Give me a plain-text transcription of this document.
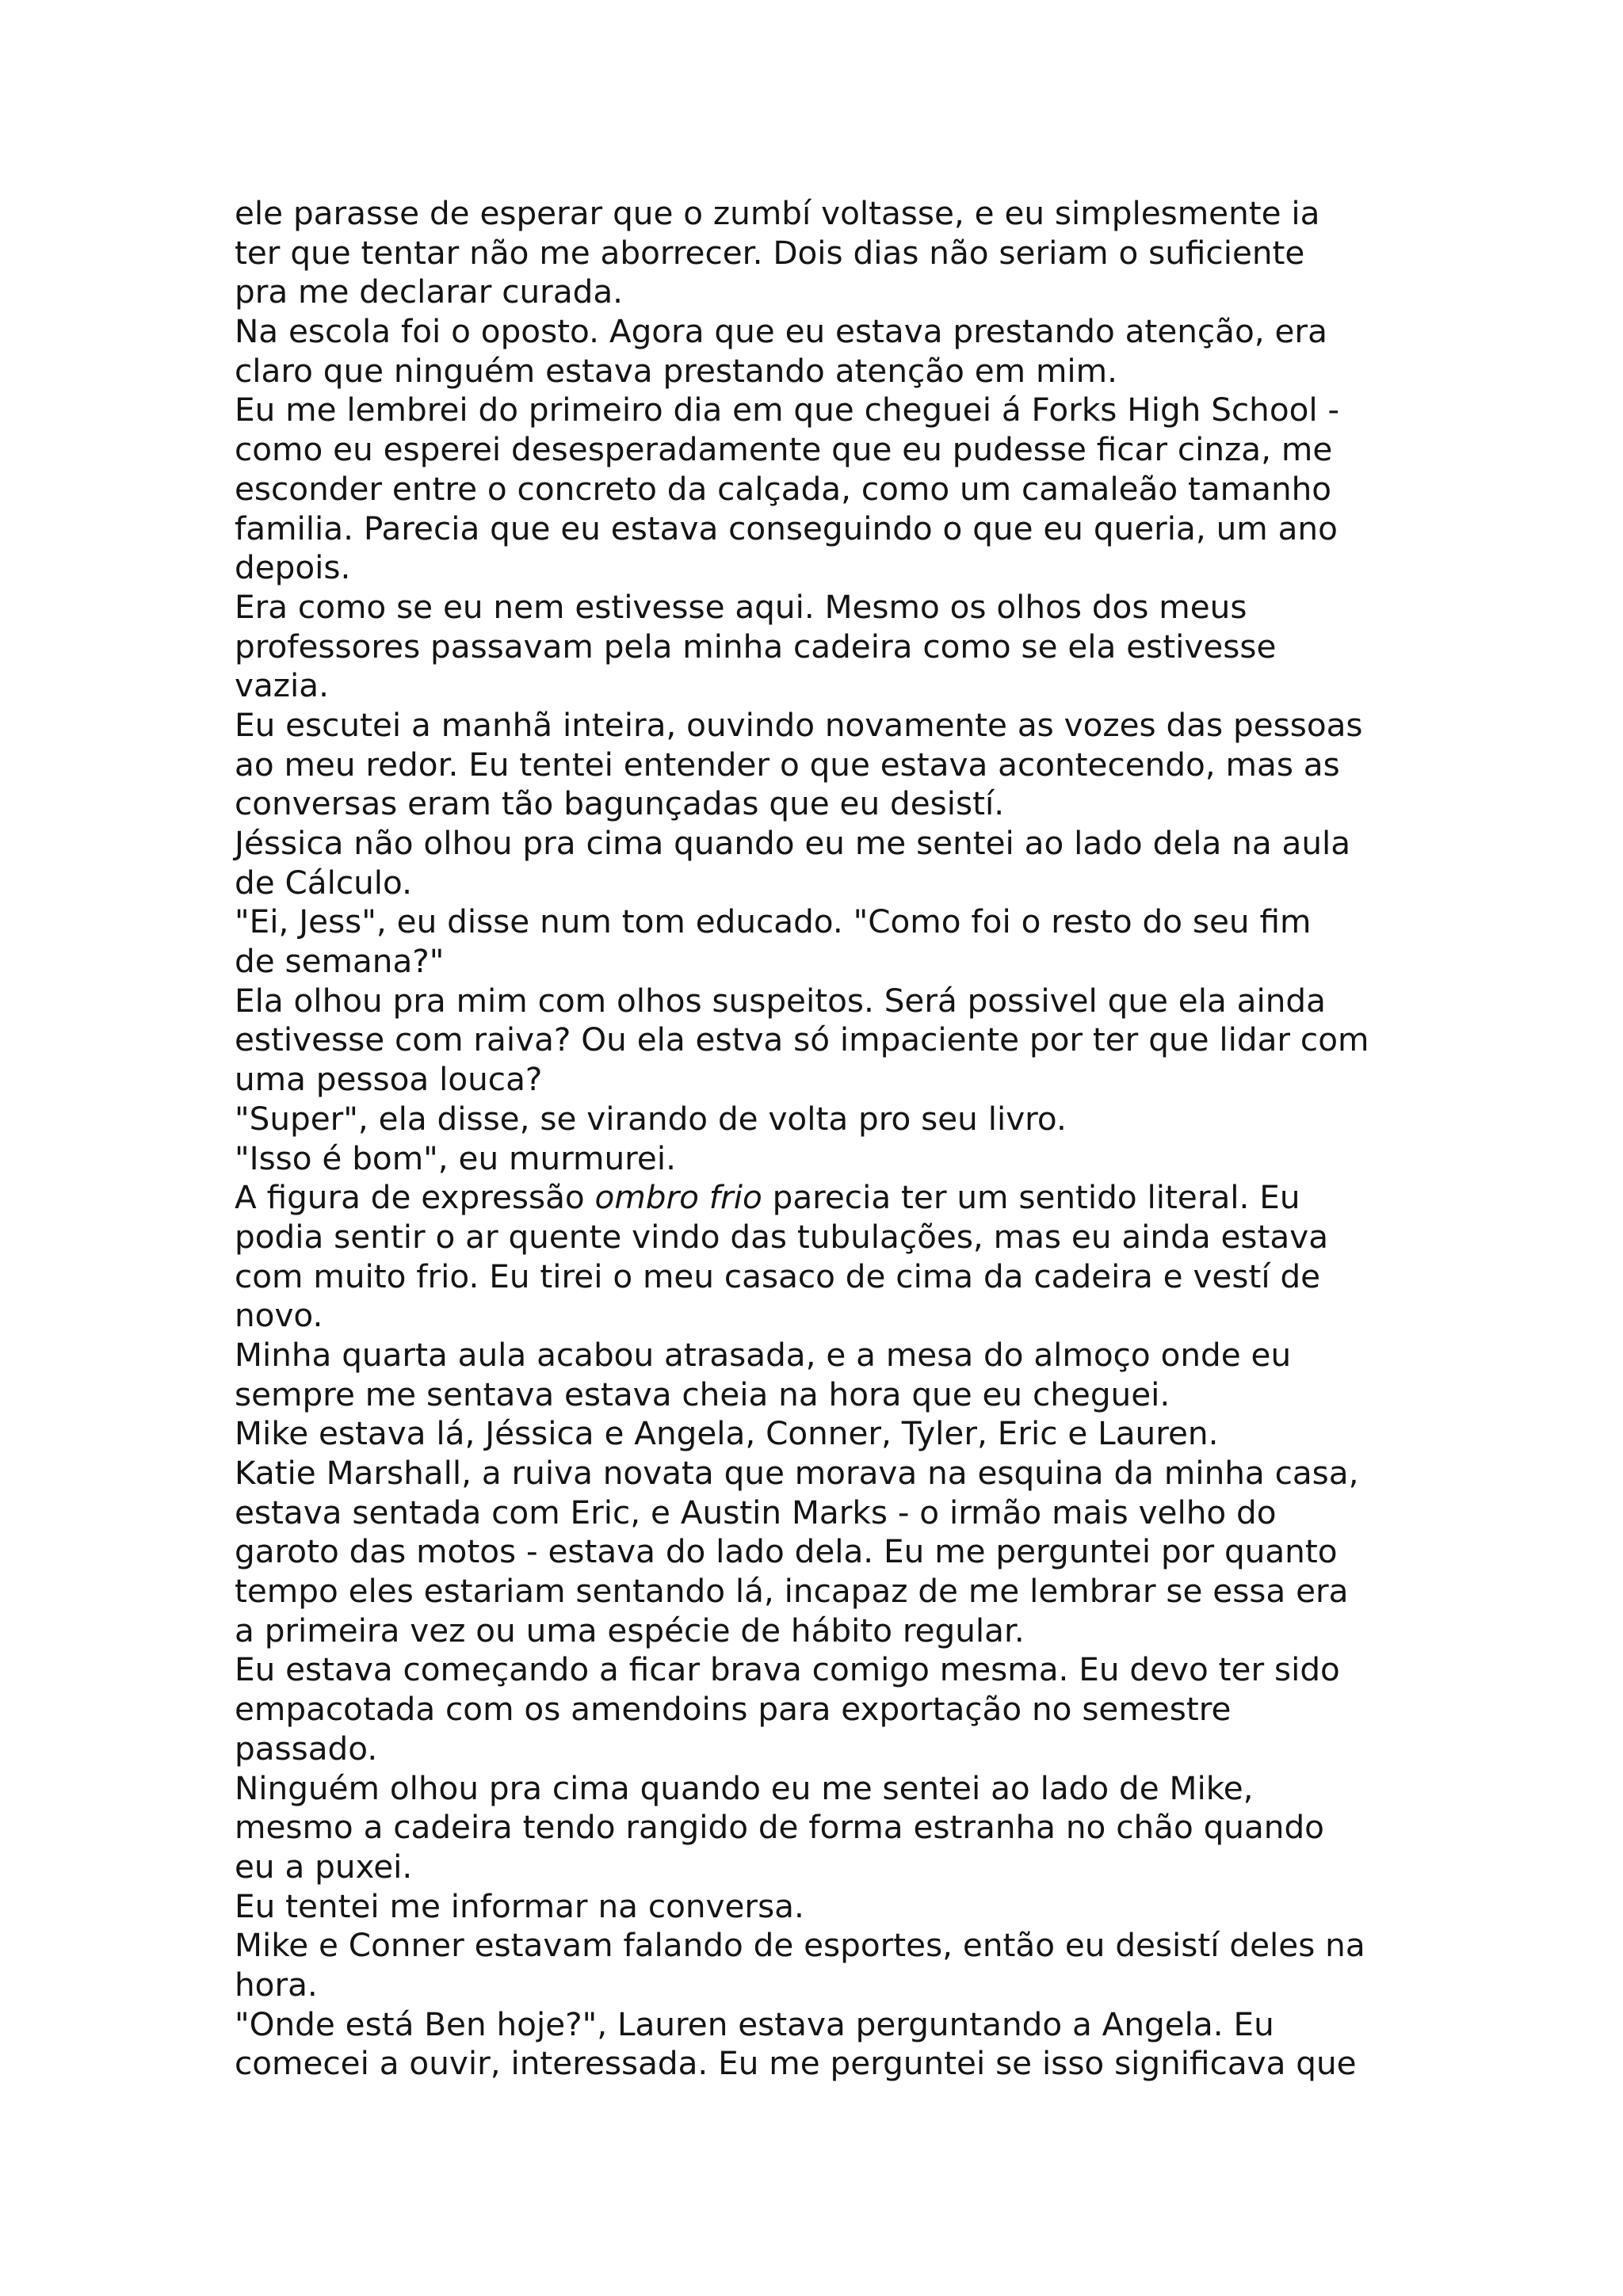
ele parasse de esperar que o zumbí voltasse, e eu simplesmente ia
ter que tentar não me aborrecer. Dois dias não seriam o suficiente
pra me declarar curada.
Na escola foi o oposto. Agora que eu estava prestando atenção, era
claro que ninguém estava prestando atenção em mim.
Eu me lembrei do primeiro dia em que cheguei á Forks High School -
como eu esperei desesperadamente que eu pudesse ficar cinza, me
esconder entre o concreto da calçada, como um camaleão tamanho
familia. Parecia que eu estava conseguindo o que eu queria, um ano
depois.
Era como se eu nem estivesse aqui. Mesmo os olhos dos meus
professores passavam pela minha cadeira como se ela estivesse
vazia.
Eu escutei a manhã inteira, ouvindo novamente as vozes das pessoas
ao meu redor. Eu tentei entender o que estava acontecendo, mas as
conversas eram tão bagunçadas que eu desistí.
Jéssica não olhou pra cima quando eu me sentei ao lado dela na aula
de Cálculo.
"Ei, Jess", eu disse num tom educado. "Como foi o resto do seu fim
de semana?"
Ela olhou pra mim com olhos suspeitos. Será possivel que ela ainda
estivesse com raiva? Ou ela estva só impaciente por ter que lidar com
uma pessoa louca?
"Super", ela disse, se virando de volta pro seu livro.
"Isso é bom", eu murmurei.
A figura de expressão ombro frio parecia ter um sentido literal. Eu
podia sentir o ar quente vindo das tubulações, mas eu ainda estava
com muito frio. Eu tirei o meu casaco de cima da cadeira e vestí de
novo.
Minha quarta aula acabou atrasada, e a mesa do almoço onde eu
sempre me sentava estava cheia na hora que eu cheguei.
Mike estava lá, Jéssica e Angela, Conner, Tyler, Eric e Lauren.
Katie Marshall, a ruiva novata que morava na esquina da minha casa,
estava sentada com Eric, e Austin Marks - o irmão mais velho do
garoto das motos - estava do lado dela. Eu me perguntei por quanto
tempo eles estariam sentando lá, incapaz de me lembrar se essa era
a primeira vez ou uma espécie de hábito regular.
Eu estava começando a ficar brava comigo mesma. Eu devo ter sido
empacotada com os amendoins para exportação no semestre
passado.
Ninguém olhou pra cima quando eu me sentei ao lado de Mike,
mesmo a cadeira tendo rangido de forma estranha no chão quando
eu a puxei.
Eu tentei me informar na conversa.
Mike e Conner estavam falando de esportes, então eu desistí deles na
hora.
"Onde está Ben hoje?", Lauren estava perguntando a Angela. Eu
comecei a ouvir, interessada. Eu me perguntei se isso significava que
